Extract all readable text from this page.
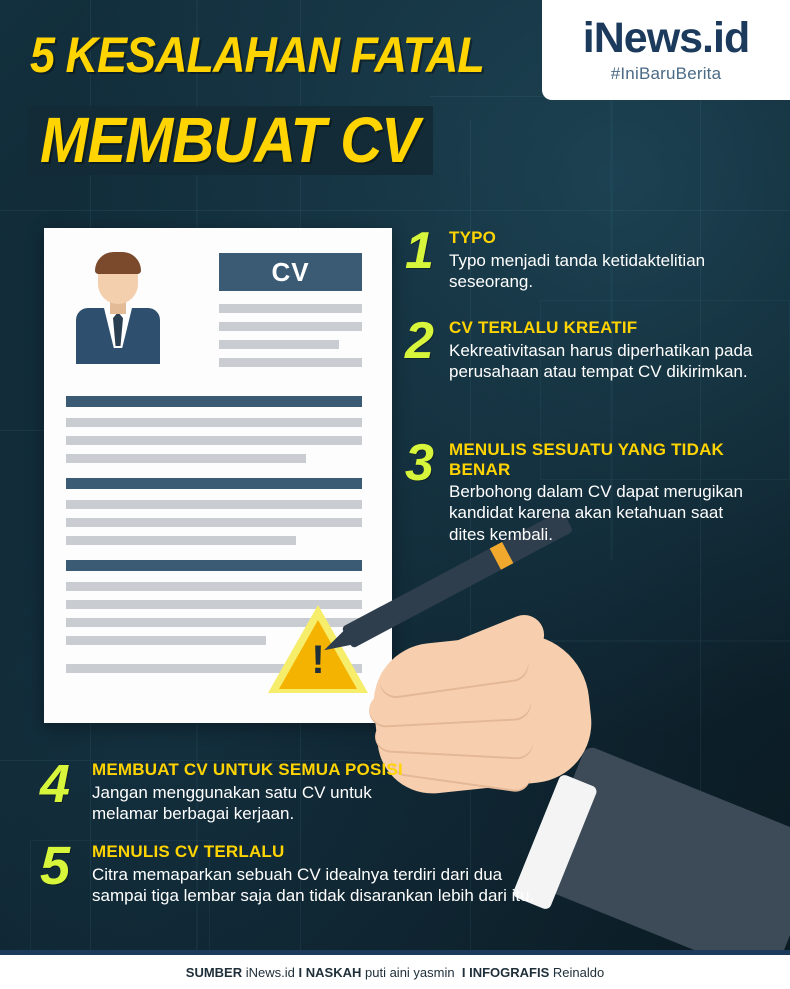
iNews.id
#IniBaruBerita
5 KESALAHAN FATAL
MEMBUAT CV
CV
!
1 TYPO
Typo menjadi tanda ketidaktelitian seseorang.
2 CV TERLALU KREATIF
Kekreativitasan harus diperhatikan pada perusahaan atau tempat CV dikirimkan.
3 MENULIS SESUATU YANG TIDAK BENAR
Berbohong dalam CV dapat merugikan kandidat karena akan ketahuan saat dites kembali.
4	MEMBUAT CV UNTUK SEMUA POSISI
Jangan menggunakan satu CV untuk melamar berbagai kerjaan.
5	MENULIS CV TERLALU
Citra memaparkan sebuah CV idealnya terdiri dari dua sampai tiga lembar saja dan tidak disarankan lebih dari itu.
SUMBER
iNews.id
I
NASKAH
puti aini yasmin
I
INFOGRAFIS
Reinaldo
